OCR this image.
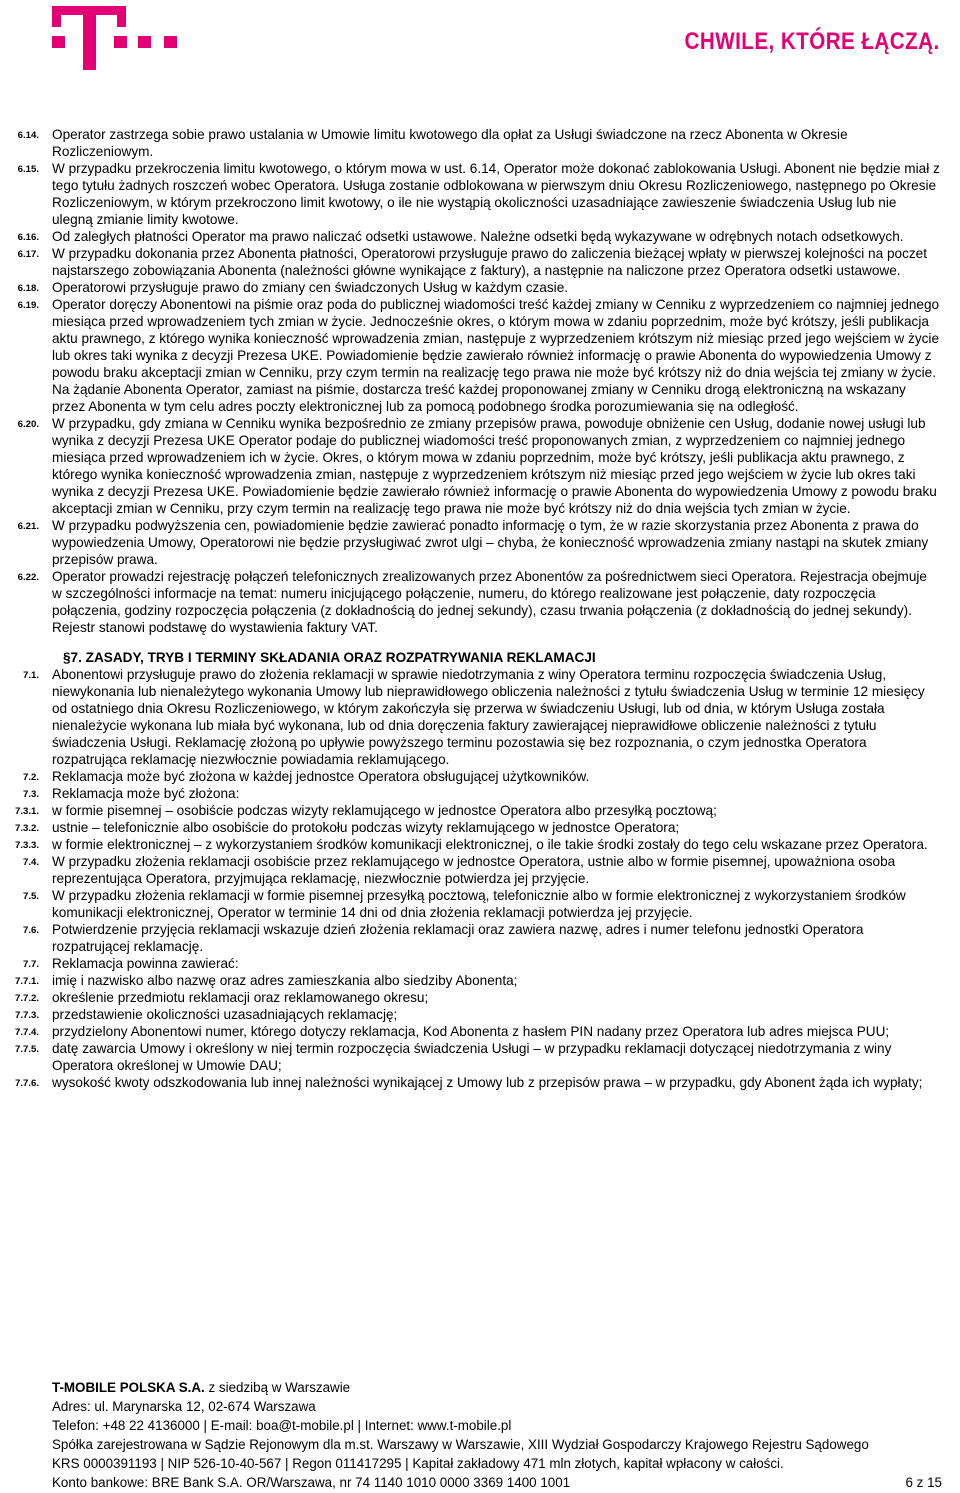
CHWILE, KTÓRE ŁĄCZĄ.
6.14. Operator zastrzega sobie prawo ustalania w Umowie limitu kwotowego dla opłat za Usługi świadczone na rzecz Abonenta w Okresie Rozliczeniowym.
6.15. W przypadku przekroczenia limitu kwotowego, o którym mowa w ust. 6.14, Operator może dokonać zablokowania Usługi. Abonent nie będzie miał z tego tytułu żadnych roszczeń wobec Operatora. Usługa zostanie odblokowana w pierwszym dniu Okresu Rozliczeniowego, następnego po Okresie Rozliczeniowym, w którym przekroczono limit kwotowy, o ile nie wystąpią okoliczności uzasadniające zawieszenie świadczenia Usług lub nie ulegną zmianie limity kwotowe.
6.16. Od zaległych płatności Operator ma prawo naliczać odsetki ustawowe. Należne odsetki będą wykazywane w odrębnych notach odsetkowych.
6.17. W przypadku dokonania przez Abonenta płatności, Operatorowi przysługuje prawo do zaliczenia bieżącej wpłaty w pierwszej kolejności na poczet najstarszego zobowiązania Abonenta (należności główne wynikające z faktury), a następnie na naliczone przez Operatora odsetki ustawowe.
6.18. Operatorowi przysługuje prawo do zmiany cen świadczonych Usług w każdym czasie.
6.19. Operator doręczy Abonentowi na piśmie oraz poda do publicznej wiadomości treść każdej zmiany w Cenniku z wyprzedzeniem co najmniej jednego miesiąca przed wprowadzeniem tych zmian w życie. Jednocześnie okres, o którym mowa w zdaniu poprzednim, może być krótszy, jeśli publikacja aktu prawnego, z którego wynika konieczność wprowadzenia zmian, następuje z wyprzedzeniem krótszym niż miesiąc przed jego wejściem w życie lub okres taki wynika z decyzji Prezesa UKE. Powiadomienie będzie zawierało również informację o prawie Abonenta do wypowiedzenia Umowy z powodu braku akceptacji zmian w Cenniku, przy czym termin na realizację tego prawa nie może być krótszy niż do dnia wejścia tej zmiany w życie. Na żądanie Abonenta Operator, zamiast na piśmie, dostarcza treść każdej proponowanej zmiany w Cenniku drogą elektroniczną na wskazany przez Abonenta w tym celu adres poczty elektronicznej lub za pomocą podobnego środka porozumiewania się na odległość.
6.20. W przypadku, gdy zmiana w Cenniku wynika bezpośrednio ze zmiany przepisów prawa, powoduje obniżenie cen Usług, dodanie nowej usługi lub wynika z decyzji Prezesa UKE Operator podaje do publicznej wiadomości treść proponowanych zmian, z wyprzedzeniem co najmniej jednego miesiąca przed wprowadzeniem ich w życie. Okres, o którym mowa w zdaniu poprzednim, może być krótszy, jeśli publikacja aktu prawnego, z którego wynika konieczność wprowadzenia zmian, następuje z wyprzedzeniem krótszym niż miesiąc przed jego wejściem w życie lub okres taki wynika z decyzji Prezesa UKE. Powiadomienie będzie zawierało również informację o prawie Abonenta do wypowiedzenia Umowy z powodu braku akceptacji zmian w Cenniku, przy czym termin na realizację tego prawa nie może być krótszy niż do dnia wejścia tych zmian w życie.
6.21. W przypadku podwyższenia cen, powiadomienie będzie zawierać ponadto informację o tym, że w razie skorzystania przez Abonenta z prawa do wypowiedzenia Umowy, Operatorowi nie będzie przysługiwać zwrot ulgi – chyba, że konieczność wprowadzenia zmiany nastąpi na skutek zmiany przepisów prawa.
6.22. Operator prowadzi rejestrację połączeń telefonicznych zrealizowanych przez Abonentów za pośrednictwem sieci Operatora. Rejestracja obejmuje w szczególności informacje na temat: numeru inicjującego połączenie, numeru, do którego realizowane jest połączenie, daty rozpoczęcia połączenia, godziny rozpoczęcia połączenia (z dokładnością do jednej sekundy), czasu trwania połączenia (z dokładnością do jednej sekundy). Rejestr stanowi podstawę do wystawienia faktury VAT.
§7. ZASADY, TRYB I TERMINY SKŁADANIA ORAZ ROZPATRYWANIA REKLAMACJI
7.1. Abonentowi przysługuje prawo do złożenia reklamacji w sprawie niedotrzymania z winy Operatora terminu rozpoczęcia świadczenia Usług, niewykonania lub nienależytego wykonania Umowy lub nieprawidłowego obliczenia należności z tytułu świadczenia Usług w terminie 12 miesięcy od ostatniego dnia Okresu Rozliczeniowego, w którym zakończyła się przerwa w świadczeniu Usługi, lub od dnia, w którym Usługa została nienależycie wykonana lub miała być wykonana, lub od dnia doręczenia faktury zawierającej nieprawidłowe obliczenie należności z tytułu świadczenia Usługi. Reklamację złożoną po upływie powyższego terminu pozostawia się bez rozpoznania, o czym jednostka Operatora rozpatrująca reklamację niezwłocznie powiadamia reklamującego.
7.2. Reklamacja może być złożona w każdej jednostce Operatora obsługującej użytkowników.
7.3. Reklamacja może być złożona:
7.3.1. w formie pisemnej – osobiście podczas wizyty reklamującego w jednostce Operatora albo przesyłką pocztową;
7.3.2. ustnie – telefonicznie albo osobiście do protokołu podczas wizyty reklamującego w jednostce Operatora;
7.3.3. w formie elektronicznej – z wykorzystaniem środków komunikacji elektronicznej, o ile takie środki zostały do tego celu wskazane przez Operatora.
7.4. W przypadku złożenia reklamacji osobiście przez reklamującego w jednostce Operatora, ustnie albo w formie pisemnej, upoważniona osoba reprezentująca Operatora, przyjmująca reklamację, niezwłocznie potwierdza jej przyjęcie.
7.5. W przypadku złożenia reklamacji w formie pisemnej przesyłką pocztową, telefonicznie albo w formie elektronicznej z wykorzystaniem środków komunikacji elektronicznej, Operator w terminie 14 dni od dnia złożenia reklamacji potwierdza jej przyjęcie.
7.6. Potwierdzenie przyjęcia reklamacji wskazuje dzień złożenia reklamacji oraz zawiera nazwę, adres i numer telefonu jednostki Operatora rozpatrującej reklamację.
7.7. Reklamacja powinna zawierać:
7.7.1. imię i nazwisko albo nazwę oraz adres zamieszkania albo siedziby Abonenta;
7.7.2. określenie przedmiotu reklamacji oraz reklamowanego okresu;
7.7.3. przedstawienie okoliczności uzasadniających reklamację;
7.7.4. przydzielony Abonentowi numer, którego dotyczy reklamacja, Kod Abonenta z hasłem PIN nadany przez Operatora lub adres miejsca PUU;
7.7.5. datę zawarcia Umowy i określony w niej termin rozpoczęcia świadczenia Usługi – w przypadku reklamacji dotyczącej niedotrzymania z winy Operatora określonej w Umowie DAU;
7.7.6. wysokość kwoty odszkodowania lub innej należności wynikającej z Umowy lub z przepisów prawa – w przypadku, gdy Abonent żąda ich wypłaty;
T-MOBILE POLSKA S.A. z siedzibą w Warszawie
Adres: ul. Marynarska 12, 02-674 Warszawa
Telefon: +48 22 4136000 | E-mail: boa@t-mobile.pl | Internet: www.t-mobile.pl
Spółka zarejestrowana w Sądzie Rejonowym dla m.st. Warszawy w Warszawie, XIII Wydział Gospodarczy Krajowego Rejestru Sądowego
KRS 0000391193 | NIP 526-10-40-567 | Regon 011417295 | Kapitał zakładowy 471 mln złotych, kapitał wpłacony w całości.
Konto bankowe: BRE Bank S.A. OR/Warszawa, nr 74 1140 1010 0000 3369 1400 1001	6 z 15
